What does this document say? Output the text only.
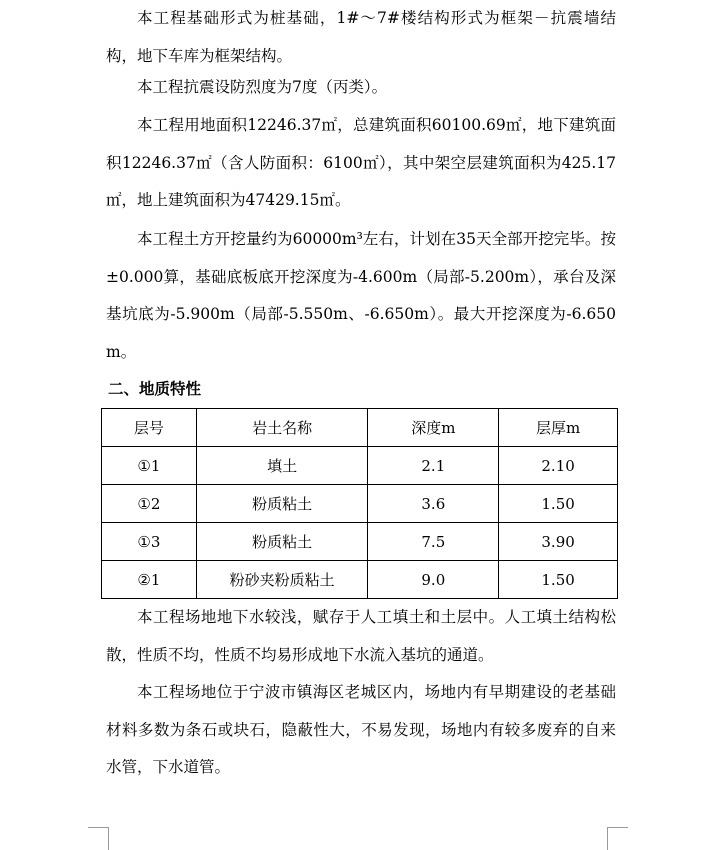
本工程基础形式为桩基础，1#～7#楼结构形式为框架－抗震墙结构，地下车库为框架结构。

本工程抗震设防烈度为7度（丙类）。

本工程用地面积12246.37㎡，总建筑面积60100.69㎡，地下建筑面积12246.37㎡（含人防面积：6100㎡），其中架空层建筑面积为425.17㎡，地上建筑面积为47429.15㎡。

本工程土方开挖量约为60000m³左右，计划在35天全部开挖完毕。按±0.000算，基础底板底开挖深度为-4.600m（局部-5.200m），承台及深基坑底为-5.900m（局部-5.550m、-6.650m）。最大开挖深度为-6.650m。

二、地质特性
层号	岩土名称	深度m	层厚m
①1	填土	2.1	2.10
①2	粉质粘土	3.6	1.50
①3	粉质粘土	7.5	3.90
②1	粉砂夹粉质粘土	9.0	1.50

本工程场地地下水较浅，赋存于人工填土和土层中。人工填土结构松散，性质不均，性质不均易形成地下水流入基坑的通道。

本工程场地位于宁波市镇海区老城区内，场地内有早期建设的老基础材料多数为条石或块石，隐蔽性大，不易发现，场地内有较多废弃的自来水管，下水道管。
